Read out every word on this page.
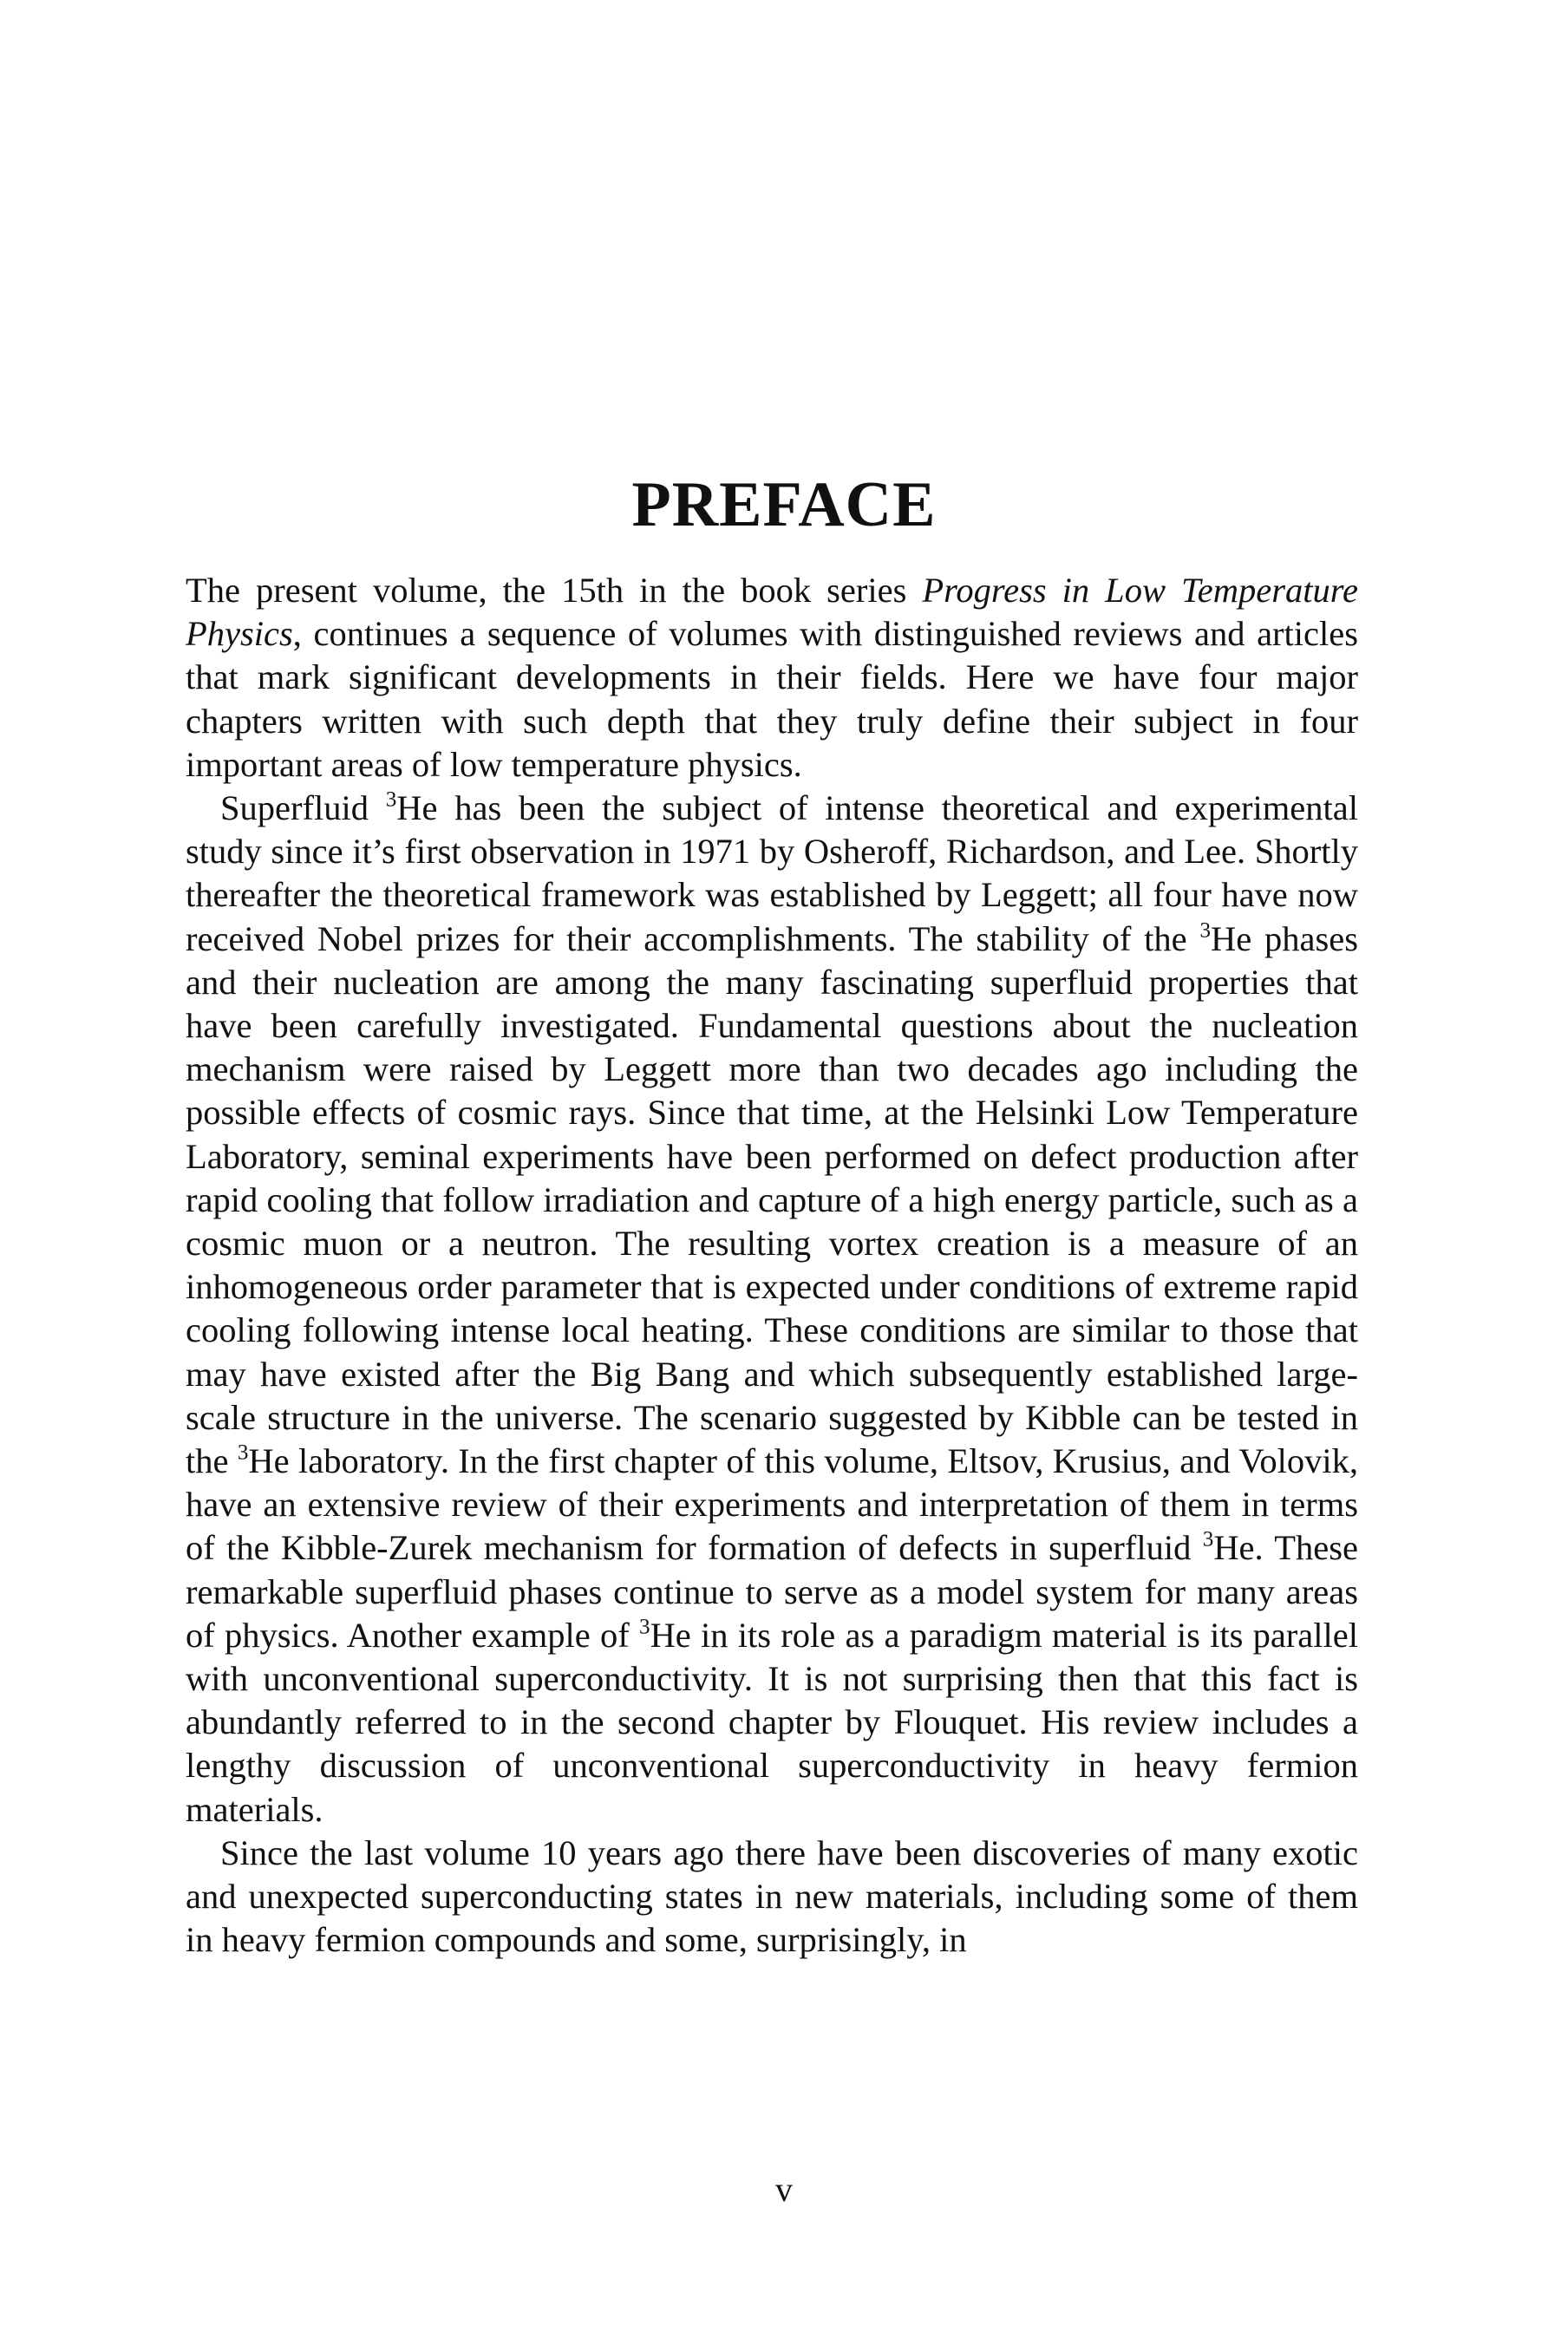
PREFACE

The present volume, the 15th in the book series Progress in Low Temperature Physics, continues a sequence of volumes with distinguished reviews and articles that mark significant developments in their fields. Here we have four major chapters written with such depth that they truly define their subject in four important areas of low temperature physics.

Superfluid $^3$He has been the subject of intense theoretical and experimental study since it’s first observation in 1971 by Osheroff, Richardson, and Lee. Shortly thereafter the theoretical framework was established by Leggett; all four have now received Nobel prizes for their accomplishments. The stability of the $^3$He phases and their nucleation are among the many fascinating superfluid properties that have been carefully investigated. Fundamental questions about the nucleation mechanism were raised by Leggett more than two decades ago including the possible effects of cosmic rays. Since that time, at the Helsinki Low Temperature Laboratory, seminal experiments have been performed on defect production after rapid cooling that follow irradiation and capture of a high energy particle, such as a cosmic muon or a neutron. The resulting vortex creation is a measure of an inhomogeneous order parameter that is expected under conditions of extreme rapid cooling following intense local heating. These conditions are similar to those that may have existed after the Big Bang and which subsequently established large-scale structure in the universe. The scenario suggested by Kibble can be tested in the $^3$He laboratory. In the first chapter of this volume, Eltsov, Krusius, and Volovik, have an extensive review of their experiments and interpretation of them in terms of the Kibble-Zurek mechanism for formation of defects in superfluid $^3$He. These remarkable superfluid phases continue to serve as a model system for many areas of physics. Another example of $^3$He in its role as a paradigm material is its parallel with unconventional superconductivity. It is not surprising then that this fact is abundantly referred to in the second chapter by Flouquet. His review includes a lengthy discussion of unconventional superconductivity in heavy fermion materials.

Since the last volume 10 years ago there have been discoveries of many exotic and unexpected superconducting states in new materials, including some of them in heavy fermion compounds and some, surprisingly, in

v
